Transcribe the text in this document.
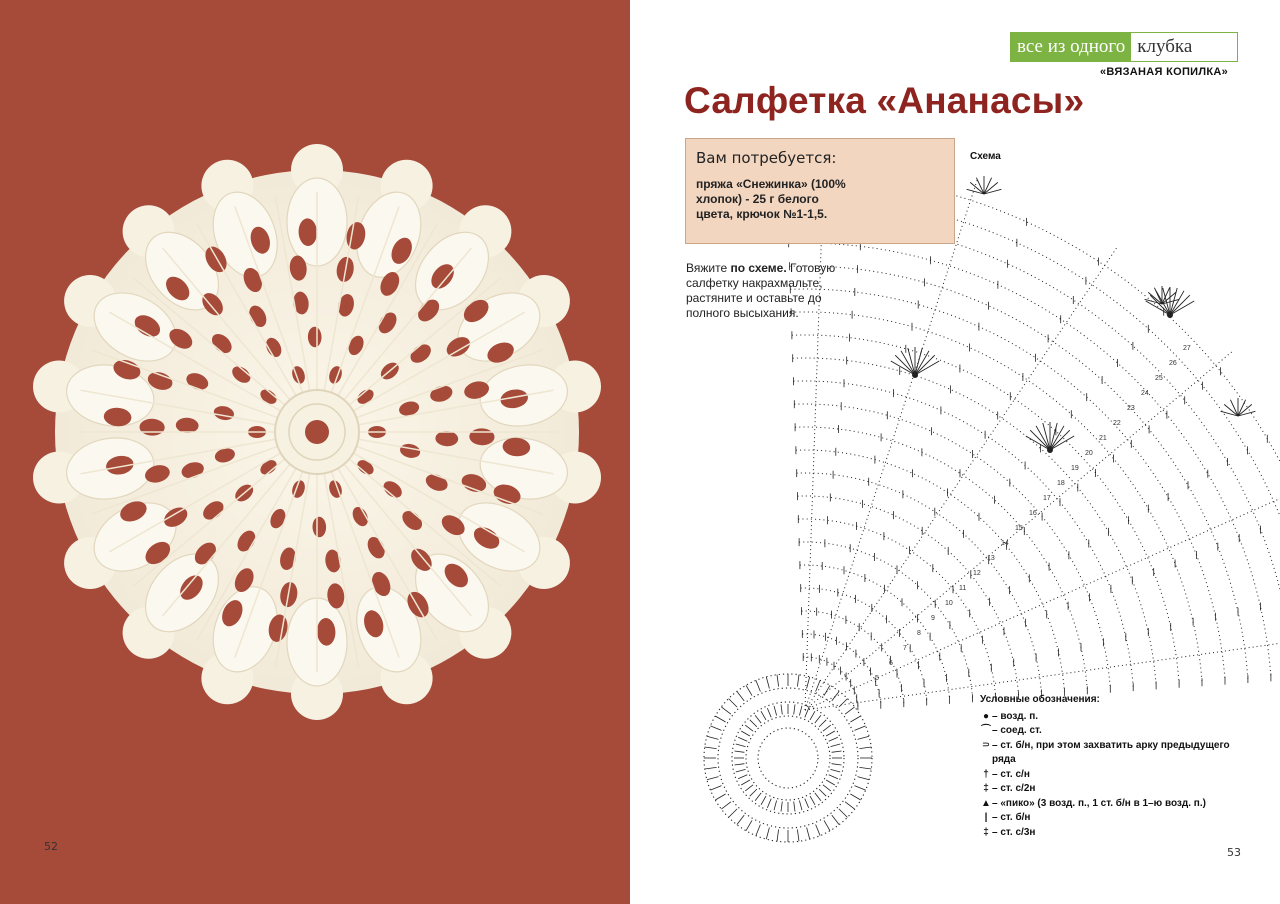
52
все из одного клубка
«ВЯЗАНАЯ КОПИЛКА»
Салфетка «Ананасы»
5
6
7
8
9
10
11
12
13
14
15
16
17
18
19
20
21
22
23
24
25
26
27
Вам потребуется:
пряжа «Снежинка» (100% хлопок) - 25 г белого цвета, крючок №1-1,5.
Вяжите по схеме. Готовую салфетку накрахмальте, растяните и оставьте до полного высыхания.
Схема
Условные обозначения:
● – возд. п.
⌒ – соед. ст.
⸧ – ст. б/н, при этом захватить арку предыдущего ряда
† – ст. с/н
‡ – ст. с/2н
▲ – «пико» (3 возд. п., 1 ст. б/н в 1–ю возд. п.)
| – ст. б/н
‡ – ст. с/3н
53
